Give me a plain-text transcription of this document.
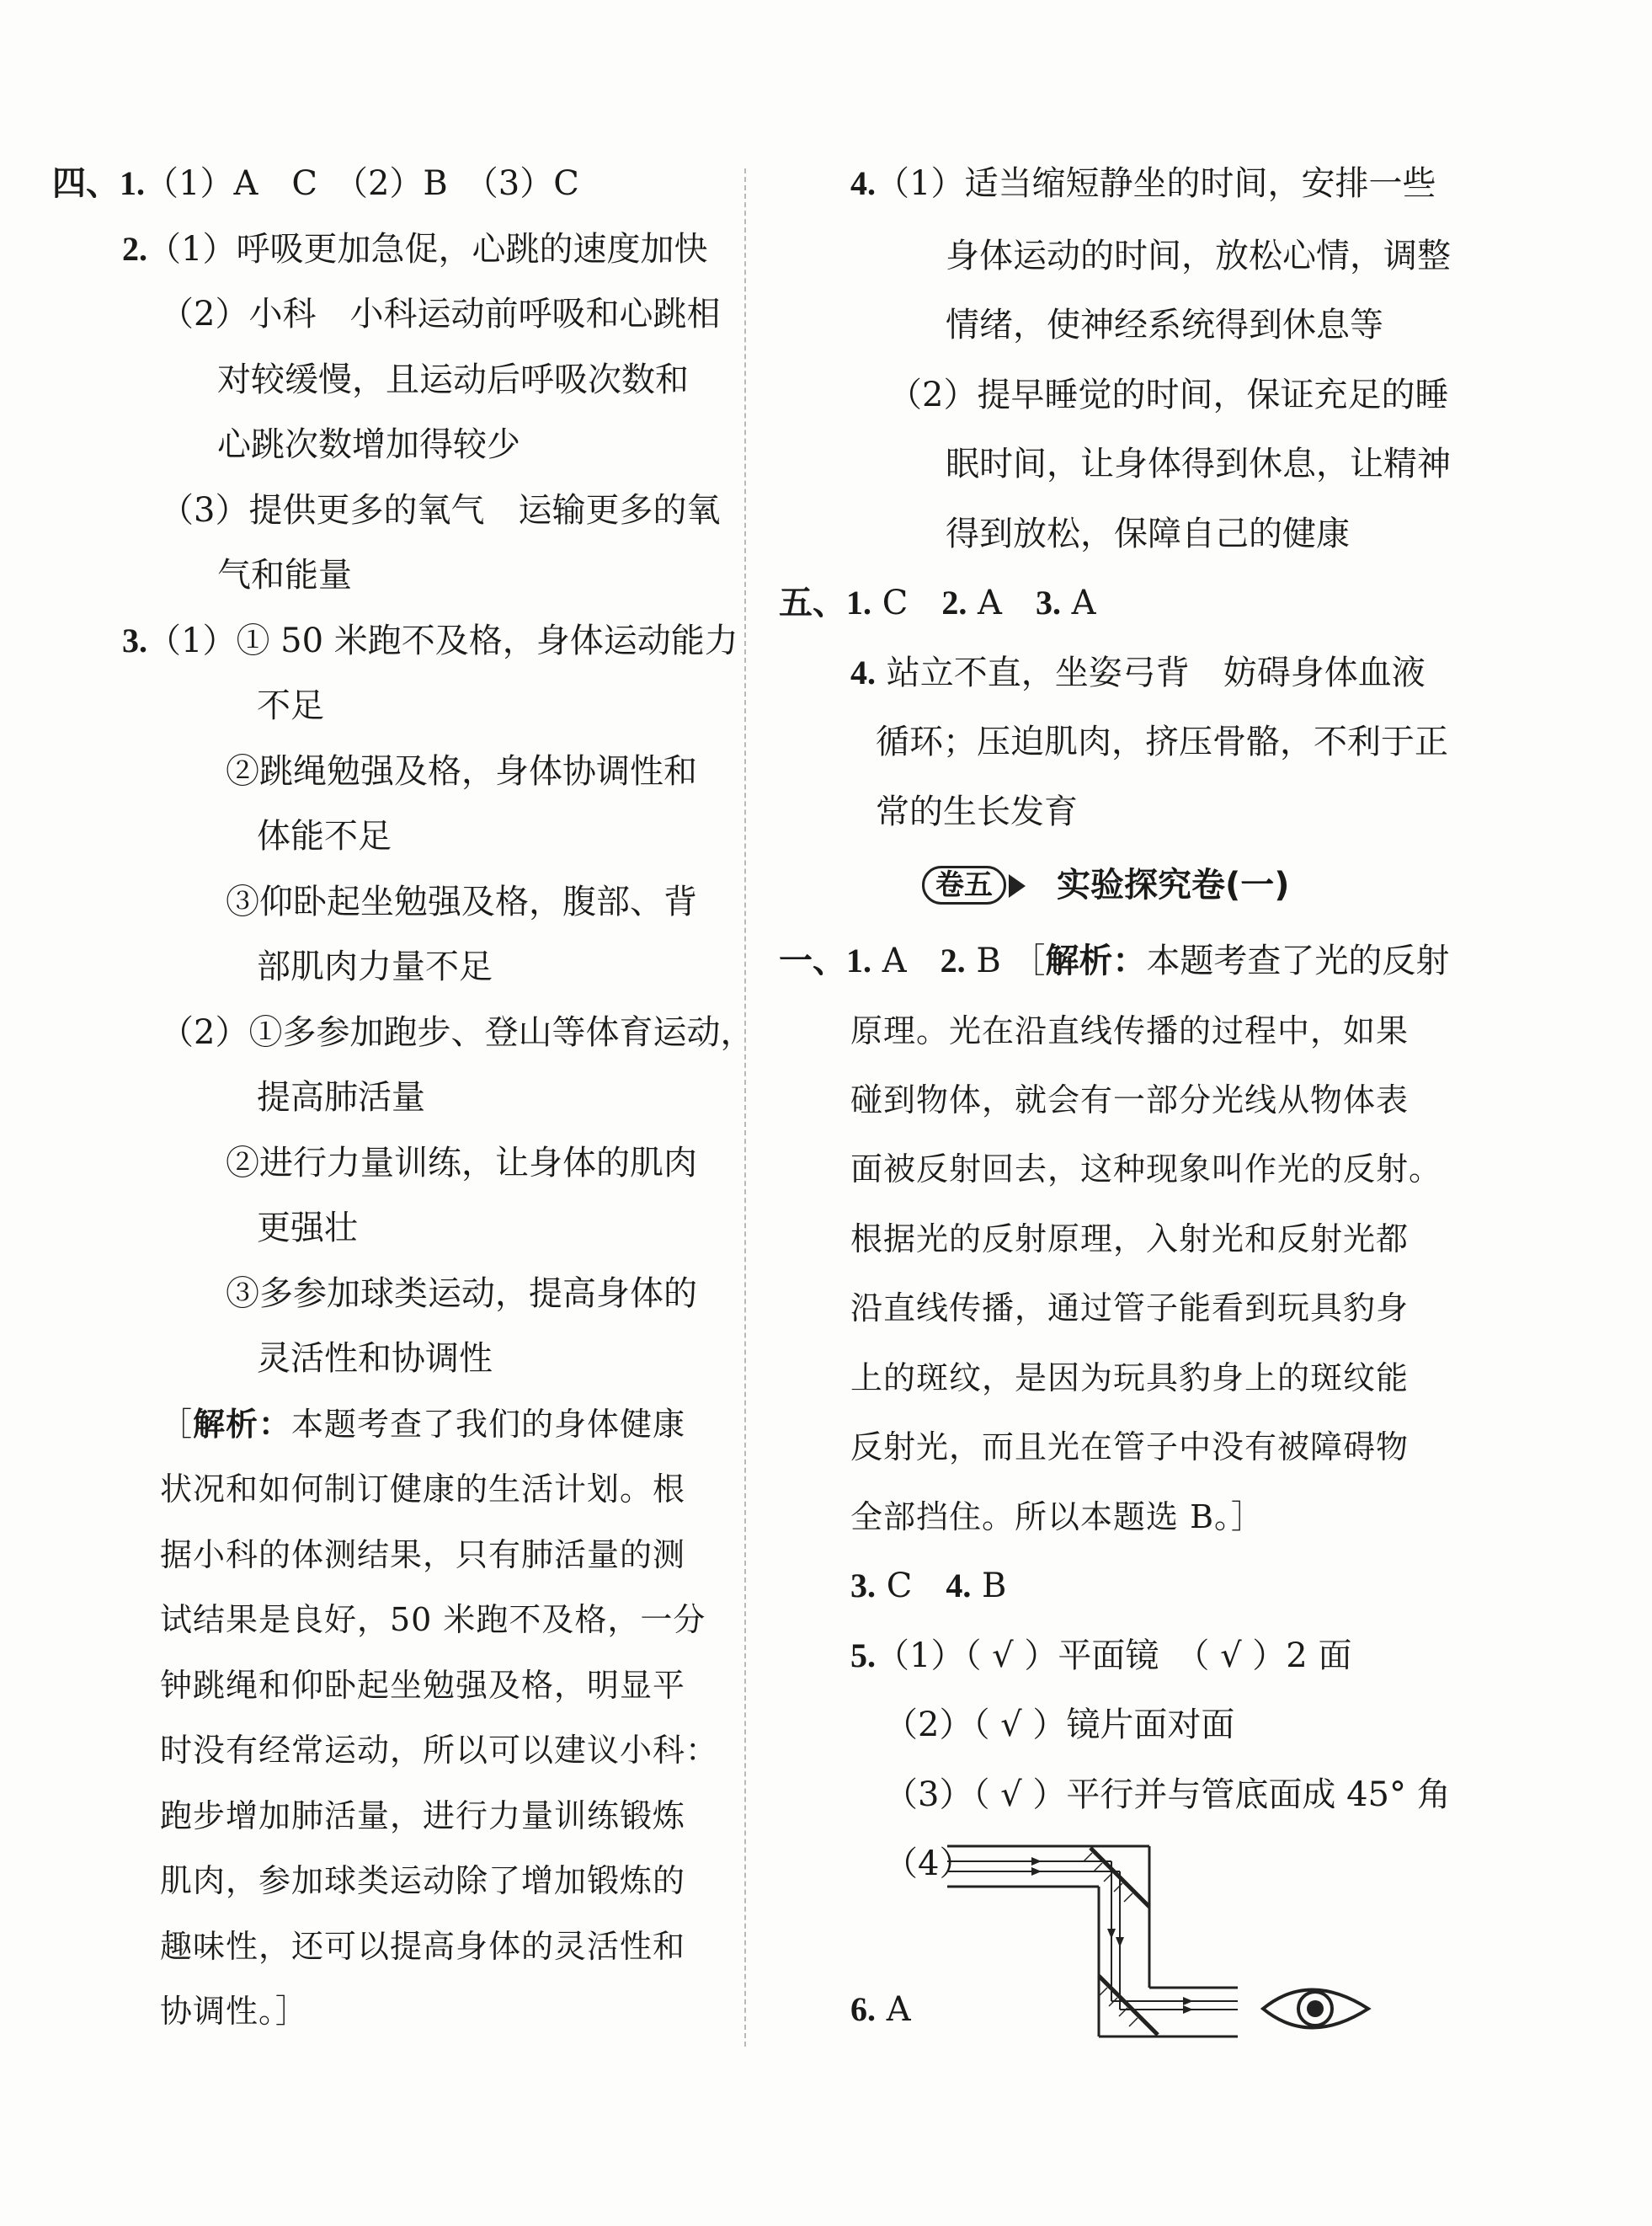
四、1.（1）A　C　（2）B　（3）C
2.（1）呼吸更加急促，心跳的速度加快
（2）小科　小科运动前呼吸和心跳相
对较缓慢，且运动后呼吸次数和
心跳次数增加得较少
（3）提供更多的氧气　运输更多的氧
气和能量
3.（1）① 50 米跑不及格，身体运动能力
不足
②跳绳勉强及格，身体协调性和
体能不足
③仰卧起坐勉强及格，腹部、背
部肌肉力量不足
（2）①多参加跑步、登山等体育运动，
提高肺活量
②进行力量训练，让身体的肌肉
更强壮
③多参加球类运动，提高身体的
灵活性和协调性
［解析：本题考查了我们的身体健康
状况和如何制订健康的生活计划。根
据小科的体测结果，只有肺活量的测
试结果是良好，50 米跑不及格，一分
钟跳绳和仰卧起坐勉强及格，明显平
时没有经常运动，所以可以建议小科：
跑步增加肺活量，进行力量训练锻炼
肌肉，参加球类运动除了增加锻炼的
趣味性，还可以提高身体的灵活性和
协调性。］
4.（1）适当缩短静坐的时间，安排一些
身体运动的时间，放松心情，调整
情绪，使神经系统得到休息等
（2）提早睡觉的时间，保证充足的睡
眠时间，让身体得到休息，让精神
得到放松，保障自己的健康
五、1. C　2. A　3. A
4. 站立不直，坐姿弓背　妨碍身体血液
循环；压迫肌肉，挤压骨骼，不利于正
常的生长发育
一、1. A　2. B ［解析：本题考查了光的反射
原理。光在沿直线传播的过程中，如果
碰到物体，就会有一部分光线从物体表
面被反射回去，这种现象叫作光的反射。
根据光的反射原理，入射光和反射光都
沿直线传播，通过管子能看到玩具豹身
上的斑纹，是因为玩具豹身上的斑纹能
反射光，而且光在管子中没有被障碍物
全部挡住。所以本题选 B。］
3. C　4. B
5.（1）（ √ ）平面镜　（ √ ）2 面
（2）（ √ ）镜片面对面
（3）（ √ ）平行并与管底面成 45° 角
（4）
6. A
卷五	实验探究卷(一)
